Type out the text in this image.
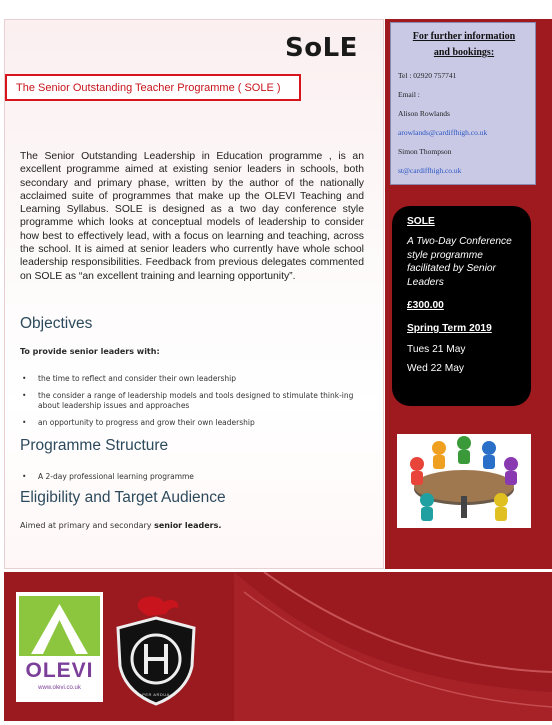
SoLE
The Senior Outstanding Teacher Programme ( SOLE )
The Senior Outstanding Leadership in Education programme , is an excellent programme aimed at existing senior leaders in schools, both secondary and primary phase, written by the author of the nationally acclaimed suite of programmes that make up the OLEVI Teaching and Learning Syllabus. SOLE is designed as a two day conference style programme which looks at conceptual models of leadership to consider how best to effectively lead, with a focus on learning and teaching, across the school. It is aimed at senior leaders who currently have whole school leadership responsibilities. Feedback from previous delegates commented on SOLE as “an excellent training and learning opportunity”.
Objectives
To provide senior leaders with:
• the time to reflect and consider their own leadership
• the consider a range of leadership models and tools designed to stimulate think-ing about leadership issues and approaches
• an opportunity to progress and grow their own leadership
Programme Structure
• A 2-day professional learning programme
Eligibility and Target Audience
Aimed at primary and secondary senior leaders.
For further information
and bookings:
Tel : 02920 757741
Email :
Alison Rowlands
arowlands@cardiffhigh.co.uk
Simon Thompson
st@cardiffhigh.co.uk
SOLE
A Two-Day Conference style programme facilitated by Senior Leaders
£300.00
Spring Term 2019
Tues 21 May
Wed 22 May
OLEVI
www.olevi.co.uk
PER ARDUA
